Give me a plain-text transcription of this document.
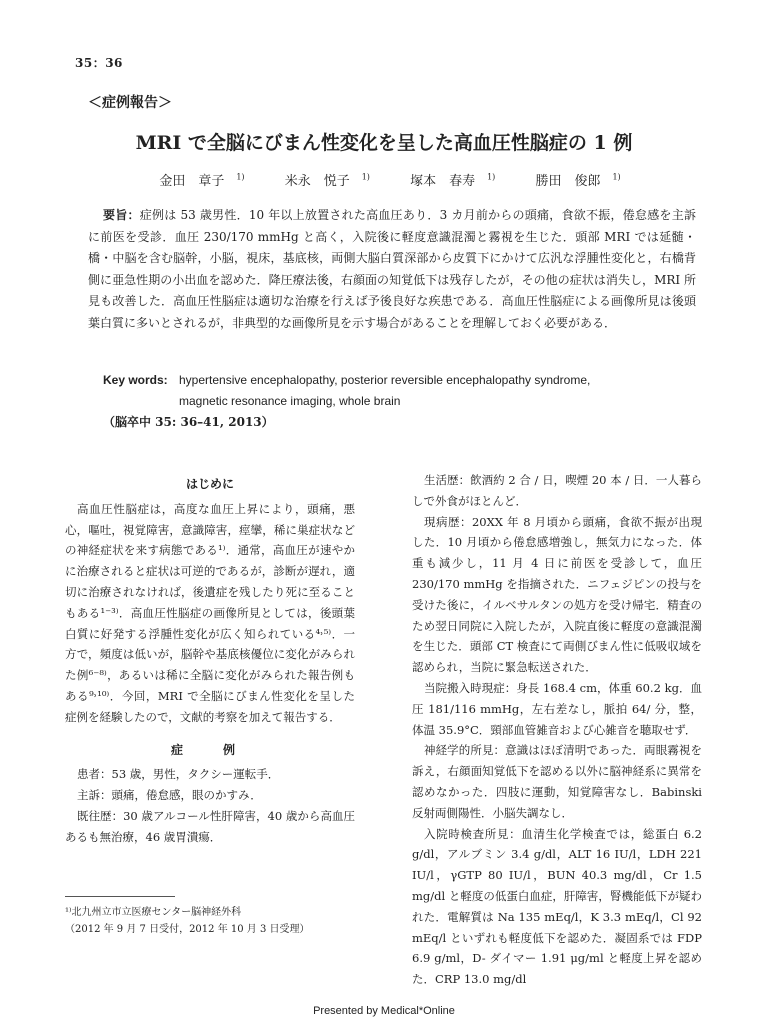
35：36
＜症例報告＞
MRI で全脳にびまん性変化を呈した高血圧性脳症の 1 例
金田　章子 $^{1)}$	米永　悦子 $^{1)}$	塚本　春寿 $^{1)}$	勝田　俊郎 $^{1)}$
要旨：症例は 53 歳男性．10 年以上放置された高血圧あり．3 カ月前からの頭痛，食欲不振，倦怠感を主訴に前医を受診．血圧 230/170 mmHg と高く，入院後に軽度意識混濁と霧視を生じた．頭部 MRI では延髄・橋・中脳を含む脳幹，小脳，視床，基底核，両側大脳白質深部から皮質下にかけて広汎な浮腫性変化と，右橋背側に亜急性期の小出血を認めた．降圧療法後，右顔面の知覚低下は残存したが，その他の症状は消失し，MRI 所見も改善した．高血圧性脳症は適切な治療を行えば予後良好な疾患である．高血圧性脳症による画像所見は後頭葉白質に多いとされるが，非典型的な画像所見を示す場合があることを理解しておく必要がある．
Key words: hypertensive encephalopathy, posterior reversible encephalopathy syndrome,
magnetic resonance imaging, whole brain
（脳卒中 35: 36–41, 2013）
はじめに

高血圧性脳症は，高度な血圧上昇により，頭痛，悪心，嘔吐，視覚障害，意識障害，痙攣，稀に巣症状などの神経症状を来す病態である¹⁾．通常，高血圧が速やかに治療されると症状は可逆的であるが，診断が遅れ，適切に治療されなければ，後遺症を残したり死に至ることもある¹⁻³⁾．高血圧性脳症の画像所見としては，後頭葉白質に好発する浮腫性変化が広く知られている⁴˒⁵⁾．一方で，頻度は低いが，脳幹や基底核優位に変化がみられた例⁶⁻⁸⁾，あるいは稀に全脳に変化がみられた報告例もある⁹˒¹⁰⁾．今回，MRI で全脳にびまん性変化を呈した症例を経験したので，文献的考察を加えて報告する．

症　例

患者：53 歳，男性，タクシー運転手．

主訴：頭痛，倦怠感，眼のかすみ．

既往歴：30 歳アルコール性肝障害，40 歳から高血圧あるも無治療，46 歳胃潰瘍．

生活歴：飲酒約 2 合 / 日，喫煙 20 本 / 日．一人暮らしで外食がほとんど．

現病歴：20XX 年 8 月頃から頭痛，食欲不振が出現した．10 月頃から倦怠感増強し，無気力になった．体重も減少し，11 月 4 日に前医を受診して，血圧 230/170 mmHg を指摘された．ニフェジピンの投与を受けた後に，イルベサルタンの処方を受け帰宅．精査のため翌日同院に入院したが，入院直後に軽度の意識混濁を生じた．頭部 CT 検査にて両側びまん性に低吸収域を認められ，当院に緊急転送された．

当院搬入時現症：身長 168.4 cm，体重 60.2 kg．血圧 181/116 mmHg，左右差なし，脈拍 64/ 分，整，体温 35.9°C．頸部血管雑音および心雑音を聴取せず．

神経学的所見：意識はほぼ清明であった．両眼霧視を訴え，右顔面知覚低下を認める以外に脳神経系に異常を認めなかった．四肢に運動，知覚障害なし．Babinski 反射両側陽性．小脳失調なし．

入院時検査所見：血清生化学検査では，総蛋白 6.2 g/dl，アルブミン 3.4 g/dl，ALT 16 IU/l，LDH 221 IU/l，γGTP 80 IU/l，BUN 40.3 mg/dl，Cr 1.5 mg/dl と軽度の低蛋白血症，肝障害，腎機能低下が疑われた．電解質は Na 135 mEq/l，K 3.3 mEq/l，Cl 92 mEq/l といずれも軽度低下を認めた．凝固系では FDP 6.9 g/ml，D- ダイマー 1.91 μg/ml と軽度上昇を認めた．CRP 13.0 mg/dl

¹⁾北九州立市立医療センター脳神経外科
（2012 年 9 月 7 日受付，2012 年 10 月 3 日受理）
Presented by Medical*Online
